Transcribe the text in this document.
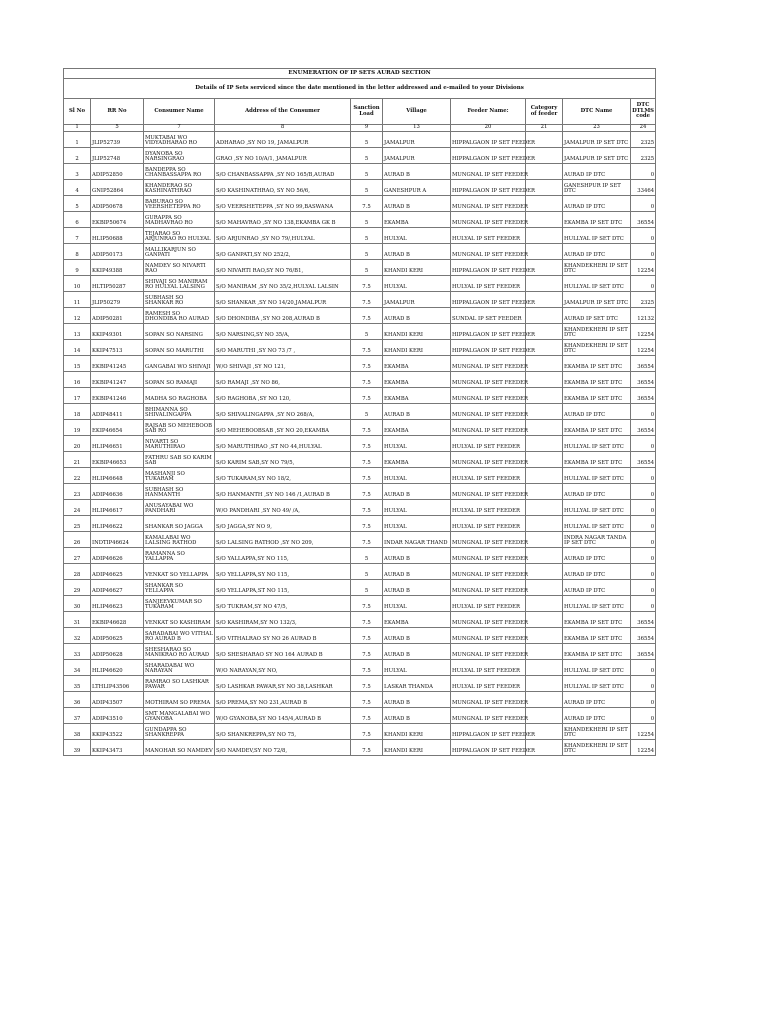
ENUMERATION OF IP SETS AURAD SECTION									
Details of IP Sets serviced since the date mentioned in the letter addressed and e-mailed to your Divisions									
Sl No	RR No	Consumer Name	Address of the Consumer	Sanction Load	Village	Feeder Name:	Category of feeder	DTC Name	DTC DTLMS code
1	5	7	8	9	13	20	21	23	24
1	JLIP52739	MUKTABAI WO VIDYADHARAO RO	ADHARAO ,SY NO 19, JAMALPUR	5	JAMALPUR	HIPPALGAON IP SET FEEDER		JAMALPUR IP SET DTC	2325
2	JLIP52748	DYANOBA SO NARSINGRAO	GRAO ,SY NO 10/A/1, JAMALPUR	5	JAMALPUR	HIPPALGAON IP SET FEEDER		JAMALPUR IP SET DTC	2325
3	ADIP52850	BANDEPPA SO CHANBASSAPPA RO	S/O CHANBASSAPPA ,SY NO 165/B,AURAD	5	AURAD B	MUNGNAL IP SET FEEDER		AURAD IP DTC	0
4	GNIP52864	KHANDERAO SO KASHINATHRAO	S/O KASHINATHRAO, SY NO 56/6,	5	GANESHPUR A	HIPPALGAON IP SET FEEDER		GANESHPUR IP SET DTC	33464
5	ADIP50678	BABURAO SO VEERSHETEPPA RO	S/O VEERSHETEPPA ,SY NO 99,BASWANA	7.5	AURAD B	MUNGNAL IP SET FEEDER		AURAD IP DTC	0
6	EKBIP50674	GURAPPA SO MADHAVRAO RO	S/O MAHAVRAO ,SY NO 138,EKAMBA GK B	5	EKAMBA	MUNGNAL IP SET FEEDER		EKAMBA IP SET DTC	36554
7	HLIP50688	TEJARAO SO ARJUNRAO RO HULYAL	S/O ARJUNRAO ,SY NO 79/,HULYAL	5	HULYAL	HULYAL IP SET FEEDER		HULLYAL IP SET DTC	0
8	ADIP50173	MALLIKARJUN SO GANPATI	S/O GANPATI,SY NO 252/2,	5	AURAD B	MUNGNAL IP SET FEEDER		AURAD IP DTC	0
9	KKIP49388	NAMDEV SO NIVARTI RAO	S/O NIVARTI RAO,SY NO 76/B1,	5	KHANDI KERI	HIPPALGAON IP SET FEEDER		KHANDEKHERI IP SET DTC	12254
10	HLTIP50287	SHIVAJI SO MANIRAM RO HULYAL LALSING	S/O MANIRAM ,SY NO 35/2,HULYAL LALSIN	7.5	HULYAL	HULYAL IP SET FEEDER		HULLYAL IP SET DTC	0
11	JLIP50279	SUBHASH SO SHANKAR RO	S/O SHANKAR ,SY NO 14/20,JAMALPUR	7.5	JAMALPUR	HIPPALGAON IP SET FEEDER		JAMALPUR IP SET DTC	2325
12	ADIP50281	RAMESH SO DHONDIBA RO AURAD	S/O DHONDIBA ,SY NO 208,AURAD B	7.5	AURAD B	SUNDAL IP SET FEEDER		AURAD IP SET DTC	12132
13	KKIP49301	SOPAN SO NARSING	S/O NARSING,SY NO 35/A,	5	KHANDI KERI	HIPPALGAON IP SET FEEDER		KHANDEKHERI IP SET DTC	12254
14	KKIP47513	SOPAN SO MARUTHI	S/O MARUTHI ,SY NO 73 /7 ,	7.5	KHANDI KERI	HIPPALGAON IP SET FEEDER		KHANDEKHERI IP SET DTC	12254
15	EKBIP41245	GANGABAI WO SHIVAJI	W/O SHIVAJI ,SY NO 121,	7.5	EKAMBA	MUNGNAL IP SET FEEDER		EKAMBA IP SET DTC	36554
16	EKBIP41247	SOPAN SO RAMAJI	S/O RAMAJI ,SY NO 86,	7.5	EKAMBA	MUNGNAL IP SET FEEDER		EKAMBA IP SET DTC	36554
17	EKBIP41246	MADHA SO RAGHOBA	S/O RAGHOBA ,SY NO 120,	7.5	EKAMBA	MUNGNAL IP SET FEEDER		EKAMBA IP SET DTC	36554
18	ADIP48411	BHIMANNA SO SHIVALINGAPPA	S/O SHIVALINGAPPA ,SY NO 268/A,	5	AURAD B	MUNGNAL IP SET FEEDER		AURAD IP DTC	0
19	EKIP46654	RAJSAB SO MEHEBOOB SAB RO	S/O MEHEBOOBSAB ,SY NO 20,EKAMBA	7.5	EKAMBA	MUNGNAL IP SET FEEDER		EKAMBA IP SET DTC	36554
20	HLIP46651	NIVARTI SO MARUTHIRAO	S/O MARUTHIRAO ,ST NO 44,HULYAL	7.5	HULYAL	HULYAL IP SET FEEDER		HULLYAL IP SET DTC	0
21	EKBIP46653	FATHRU SAB SO KARIM SAB	S/O KARIM SAB,SY NO 79/5,	7.5	EKAMBA	MUNGNAL IP SET FEEDER		EKAMBA IP SET DTC	36554
22	HLIP46648	MASHANJI SO TUKARAM	S/O TUKARAM,SY NO 18/2,	7.5	HULYAL	HULYAL IP SET FEEDER		HULLYAL IP SET DTC	0
23	ADIP46636	SUBHASH SO HANMANTH	S/O HANMANTH ,SY NO 146 /1,AURAD B	7.5	AURAD B	MUNGNAL IP SET FEEDER		AURAD IP DTC	0
24	HLIP46617	ANUSAYABAI WO PANDHARI	W/O PANDHARI ,SY NO 49/ /A,	7.5	HULYAL	HULYAL IP SET FEEDER		HULLYAL IP SET DTC	0
25	HLIP46622	SHANKAR SO JAGGA	S/O JAGGA,SY NO 9,	7.5	HULYAL	HULYAL IP SET FEEDER		HULLYAL IP SET DTC	0
26	INDTIP46624	KAMALABAI WO LALSING RATHOD	S/O LALSING RATHOD ,SY NO 209,	7.5	INDAR NAGAR THAND	MUNGNAL IP SET FEEDER		INDRA NAGAR TANDA IP SET DTC	0
27	ADIP46626	RAMANNA SO YALLAPPA	S/O YALLAPPA,SY NO 115,	5	AURAD B	MUNGNAL IP SET FEEDER		AURAD IP DTC	0
28	ADIP46625	VENKAT SO YELLAPPA	S/O YELLAPPA,SY NO 115,	5	AURAD B	MUNGNAL IP SET FEEDER		AURAD IP DTC	0
29	ADIP46627	SHANKAR SO YELLAPPA	S/O YELLAPPA,ST NO 115,	5	AURAD B	MUNGNAL IP SET FEEDER		AURAD IP DTC	0
30	HLIP46623	SANJEEVKUMAR SO TUKARAM	S/O TUKRAM,SY NO 47/5,	7.5	HULYAL	HULYAL IP SET FEEDER		HULLYAL IP SET DTC	0
31	EKBIP46628	VENKAT SO KASHIRAM	S/O KASHIRAM,SY NO 132/3,	7.5	EKAMBA	MUNGNAL IP SET FEEDER		EKAMBA IP SET DTC	36554
32	ADIP50625	SARADABAI WO VITHAL RO AURAD B	S/O VITHALRAO SY NO 26 AURAD B	7.5	AURAD B	MUNGNAL IP SET FEEDER		EKAMBA IP SET DTC	36554
33	ADIP50628	SHESHARAO SO MANIKRAO RO AURAD	S/O SHESHARAO SY NO 164 AURAD B	7.5	AURAD B	MUNGNAL IP SET FEEDER		EKAMBA IP SET DTC	36554
34	HLIP46620	SHARADABAI WO NARAYAN	W/O NARAYAN,SY NO,	7.5	HULYAL	HULYAL IP SET FEEDER		HULLYAL IP SET DTC	0
35	LTHLIP43506	RAMRAO SO LASHKAR PAWAR	S/O LASHKAR PAWAR,SY NO 38,LASHKAR	7.5	LASKAR THANDA	HULYAL IP SET FEEDER		HULLYAL IP SET DTC	0
36	ADIP43507	MOTHIRAM SO PREMA	S/O PREMA,SY NO 231,AURAD B	7.5	AURAD B	MUNGNAL IP SET FEEDER		AURAD IP DTC	0
37	ADIP43510	SMT MANGALABAI WO GYANOBA	W/O GYANOBA,SY NO 145/4,AURAD B	7.5	AURAD B	MUNGNAL IP SET FEEDER		AURAD IP DTC	0
38	KKIP43522	GUNDAPPA SO SHANKREPPA	S/O SHANKREPPA,SY NO 75,	7.5	KHANDI KERI	HIPPALGAON IP SET FEEDER		KHANDEKHERI IP SET DTC	12254
39	KKIP43473	MANOHAR SO NAMDEV	S/O NAMDEV,SY NO 72/8,	7.5	KHANDI KERI	HIPPALGAON IP SET FEEDER		KHANDEKHERI IP SET DTC	12254
